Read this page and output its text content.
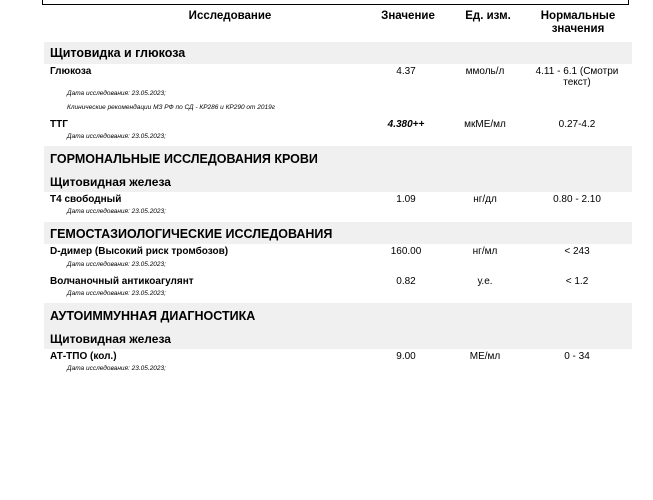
Исследование	Значение	Ед. изм.	Нормальные значения
Щитовидка и глюкоза
Глюкоза	4.37	ммоль/л	4.11 - 6.1 (Смотри текст)
Дата исследования: 23.05.2023;
Клинические рекомендации МЗ РФ по СД - КР286 и КР290 от 2019г
ТТГ	4.380++	мкМЕ/мл	0.27-4.2
Дата исследования: 23.05.2023;
ГОРМОНАЛЬНЫЕ ИССЛЕДОВАНИЯ КРОВИ
Щитовидная железа
Т4 свободный	1.09	нг/дл	0.80 - 2.10
Дата исследования: 23.05.2023;
ГЕМОСТАЗИОЛОГИЧЕСКИЕ ИССЛЕДОВАНИЯ
D-димер (Высокий риск тромбозов)	160.00	нг/мл	< 243
Дата исследования: 23.05.2023;
Волчаночный антикоагулянт	0.82	у.е.	< 1.2
Дата исследования: 23.05.2023;
АУТОИММУННАЯ ДИАГНОСТИКА
Щитовидная железа
АТ-ТПО (кол.)	9.00	МЕ/мл	0 - 34
Дата исследования: 23.05.2023;
